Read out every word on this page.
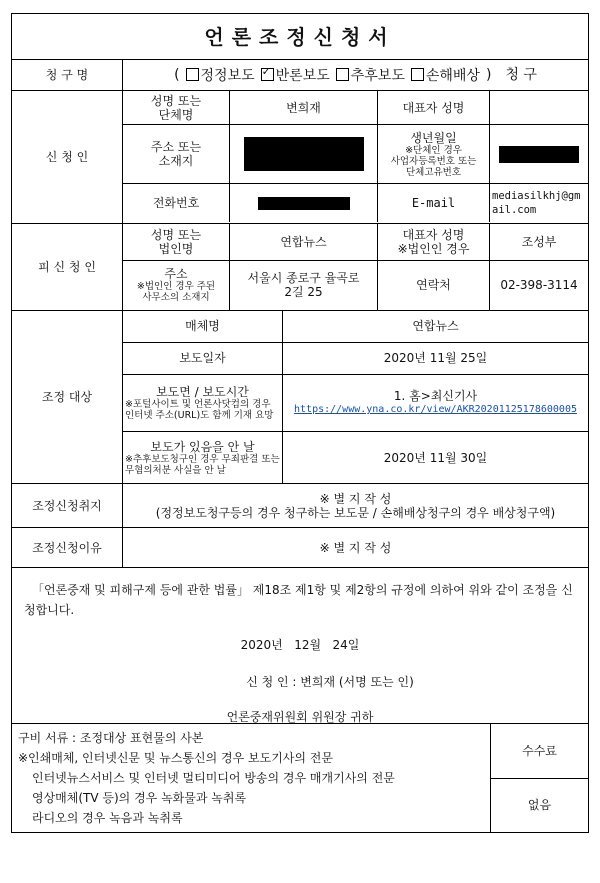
언론조정신청서
청 구 명	(	정정보도
✓	반론보도	추후보도	손해배상 ) 청 구
신 청 인
성명 또는
단체명	변희재	대표자 성명
주소 또는
소재지
생년월일
※단체인 경우
사업자등록번호 또는
단체고유번호
전화번호	E-mail	mediasilkhj@gmail.com
피 신 청 인
성명 또는
법인명	연합뉴스	대표자 성명
※법인인 경우	조성부
주소
※법인인 경우 주된
사무소의 소재지
서울시 종로구 율곡로
2길 25	연락처	02-398-3114
조정 대상
매체명	연합뉴스
보도일자	2020년 11월 25일
보도면 / 보도시간
※포털사이트 및 언론사닷컴의 경우 인터넷 주소(URL)도 함께 기재 요망
1. 홈>최신기사
https://www.yna.co.kr/view/AKR20201125178600005
보도가 있음을 안 날
※추후보도청구인 경우 무죄판결 또는 무혐의처분 사실을 안 날
2020년 11월 30일
조정신청취지	※ 별 지 작 성
(정정보도청구등의 경우 청구하는 보도문 / 손해배상청구의 경우 배상청구액)
조정신청이유	※ 별 지 작 성

「언론중재 및 피해구제 등에 관한 법률」 제18조 제1항 및 제2항의 규정에 의하여 위와 같이 조정을 신청합니다.

2020년   12월   24일

신 청 인 : 변희재 (서명 또는 인)

언론중재위원회 위원장 귀하

구비 서류 : 조정대상 표현물의 사본
※인쇄매체, 인터넷신문 및 뉴스통신의 경우 보도기사의 전문
인터넷뉴스서비스 및 인터넷 멀티미디어 방송의 경우 매개기사의 전문
영상매체(TV 등)의 경우 녹화물과 녹취록
라디오의 경우 녹음과 녹취록
수수료
없음
